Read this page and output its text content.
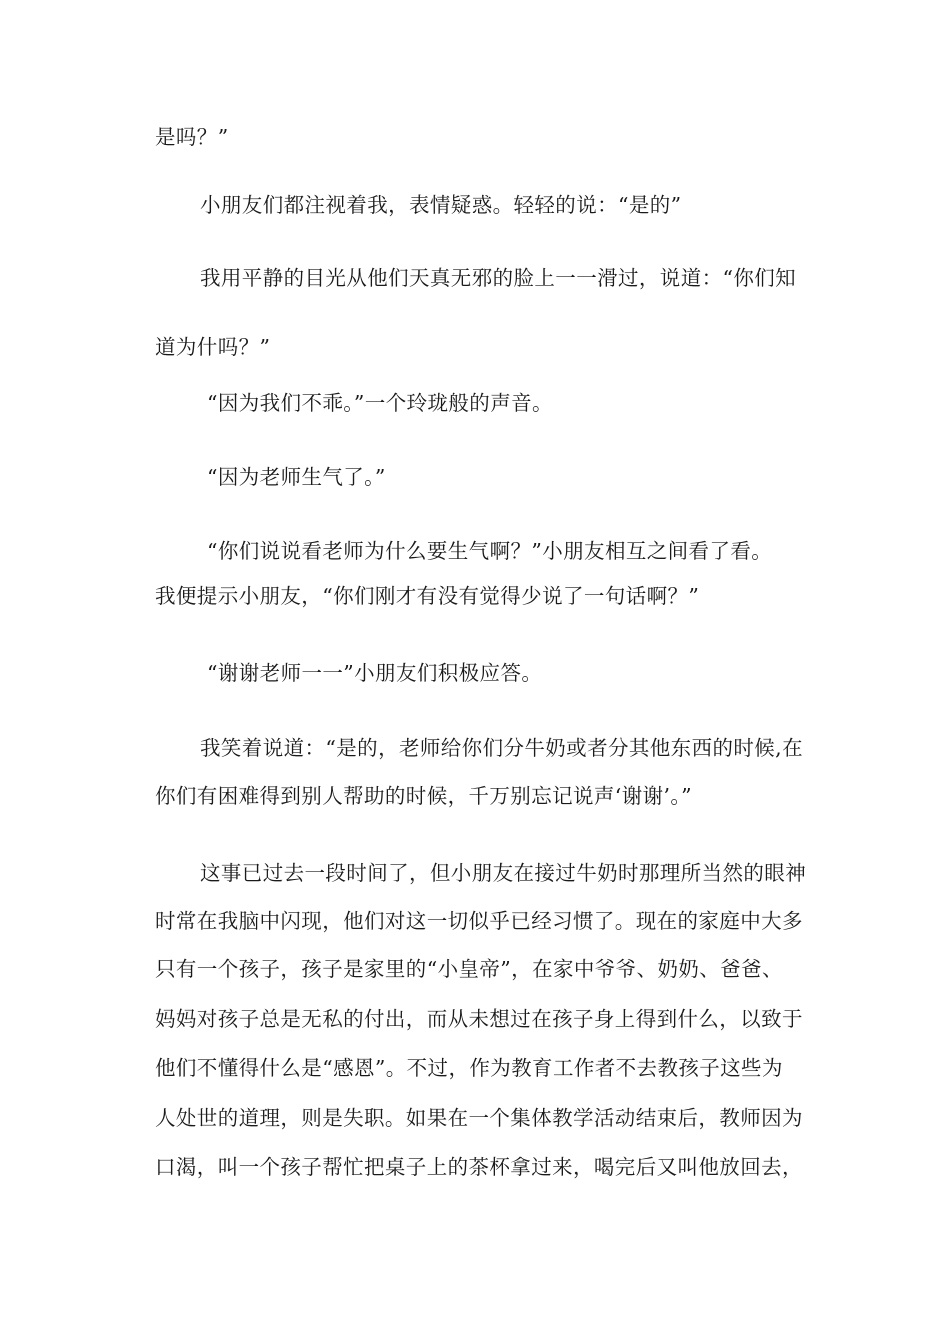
是吗？”

小朋友们都注视着我，表情疑惑。轻轻的说：“是的”

我用平静的目光从他们天真无邪的脸上一一滑过，说道：“你们知

道为什吗？”

“因为我们不乖。”一个玲珑般的声音。

“因为老师生气了。”

“你们说说看老师为什么要生气啊？”小朋友相互之间看了看。

我便提示小朋友，“你们刚才有没有觉得少说了一句话啊？”

“谢谢老师一一”小朋友们积极应答。

我笑着说道：“是的，老师给你们分牛奶或者分其他东西的时候,在

你们有困难得到别人帮助的时候，千万别忘记说声‘谢谢’。”

这事已过去一段时间了，但小朋友在接过牛奶时那理所当然的眼神

时常在我脑中闪现，他们对这一切似乎已经习惯了。现在的家庭中大多

只有一个孩子，孩子是家里的“小皇帝”，在家中爷爷、奶奶、爸爸、

妈妈对孩子总是无私的付出，而从未想过在孩子身上得到什么，以致于

他们不懂得什么是“感恩”。不过，作为教育工作者不去教孩子这些为

人处世的道理，则是失职。如果在一个集体教学活动结束后，教师因为

口渴，叫一个孩子帮忙把桌子上的茶杯拿过来，喝完后又叫他放回去，
